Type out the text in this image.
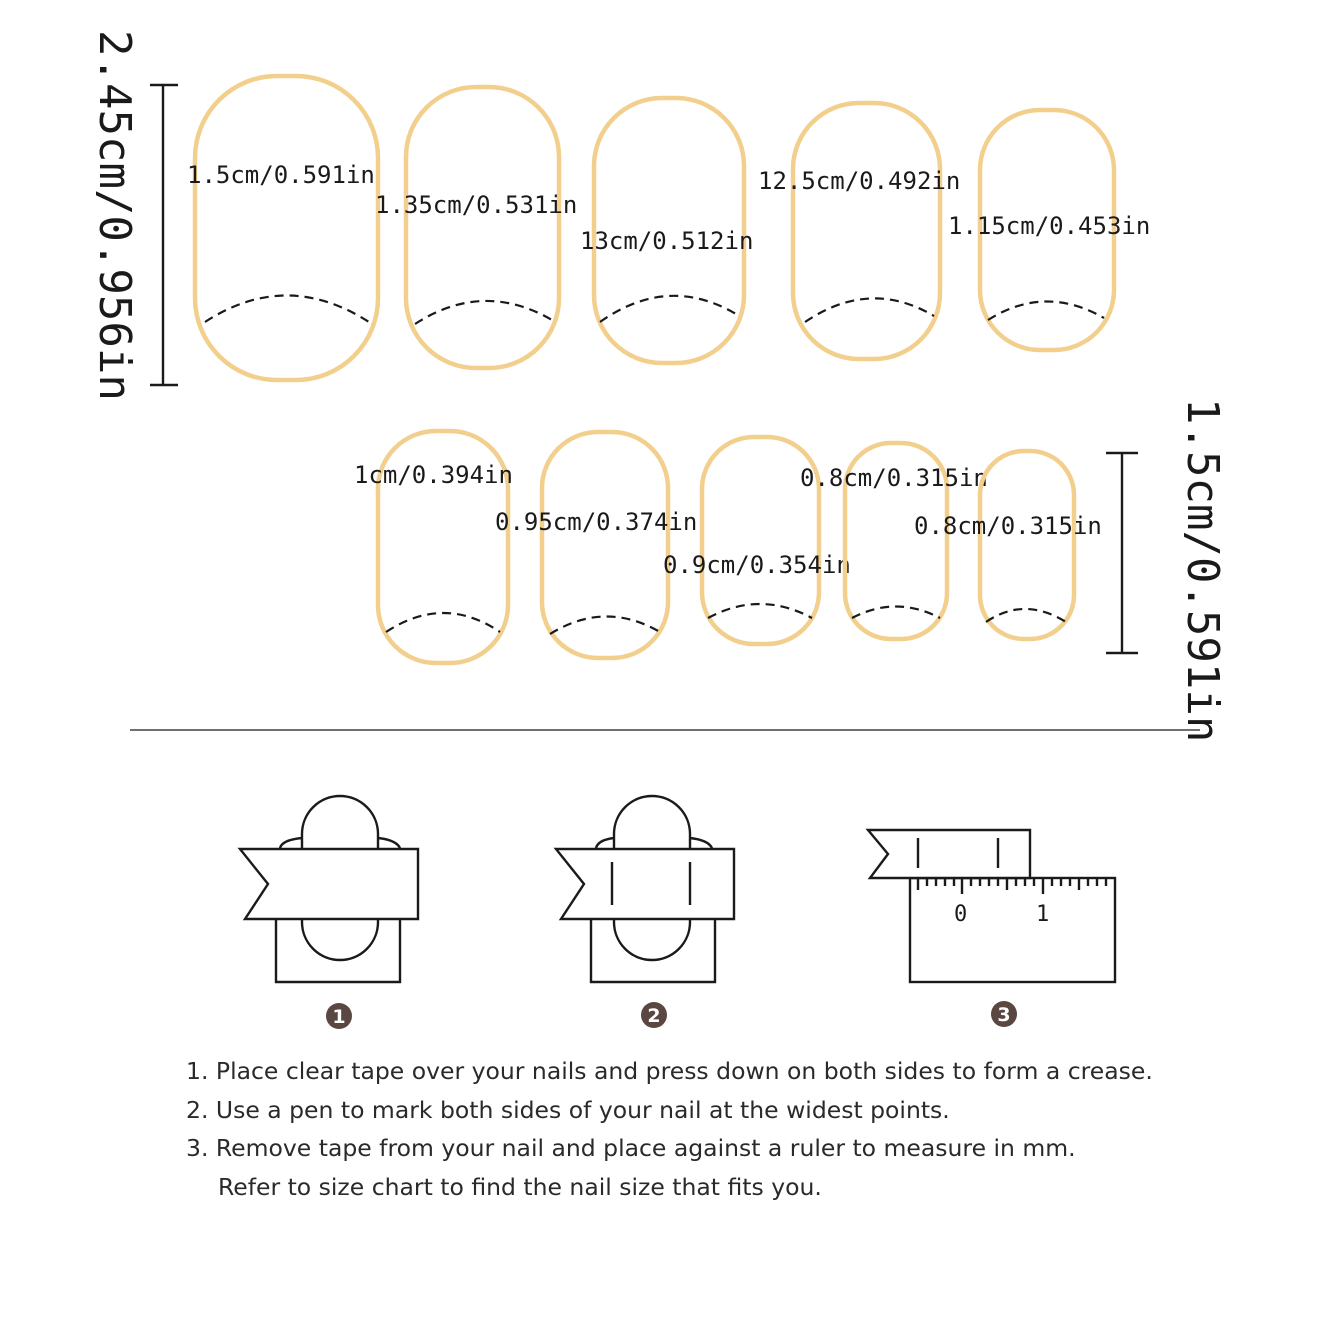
2.45cm/0.956in
1.5cm/0.591in
1.5cm/0.591in
1.35cm/0.531in
13cm/0.512in
12.5cm/0.492in
1.15cm/0.453in
1cm/0.394in
0.95cm/0.374in
0.9cm/0.354in
0.8cm/0.315in
0.8cm/0.315in
0	1
1	2	3

1. Place clear tape over your nails and press down on both sides to form a crease.

2. Use a pen to mark both sides of your nail at the widest points.

3. Remove tape from your nail and place against a ruler to measure in mm.

Refer to size chart to find the nail size that fits you.
